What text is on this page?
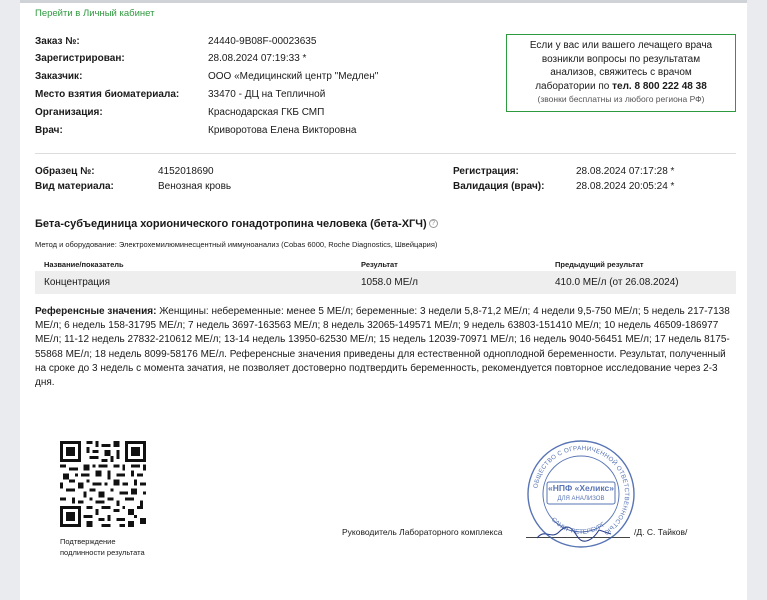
Перейти в Личный кабинет
Заказ №:	24440-9B08F-00023635
Зарегистрирован:	28.08.2024 07:19:33 *
Заказчик:	ООО «Медицинский центр "Медлен"
Место взятия биоматериала:	33470 - ДЦ на Тепличной
Организация:	Краснодарская ГКБ СМП
Врач:	Криворотова Елена Викторовна
Если у вас или вашего лечащего врача
возникли вопросы по результатам
анализов, свяжитесь с врачом
лаборатории по тел. 8 800 222 48 38
(звонки бесплатны из любого региона РФ)
Образец №:	4152018690
Вид материала:	Венозная кровь
Регистрация:	28.08.2024 07:17:28 *
Валидация (врач):	28.08.2024 20:05:24 *
Бета-субъединица хорионического гонадотропина человека (бета-ХГЧ) ?
Метод и оборудование: Электрохемилюминесцентный иммуноанализ (Cobas 6000, Roche Diagnostics, Швейцария)
Название/показатель	Результат	Предыдущий результат
Концентрация	1058.0 МЕ/л	410.0 МЕ/л (от 26.08.2024)
Референсные значения: Женщины: небеременные: менее 5 МЕ/л; беременные: 3 недели 5,8-71,2 МЕ/л; 4 недели 9,5-750 МЕ/л; 5 недель 217-7138 МЕ/л; 6 недель 158-31795 МЕ/л; 7 недель 3697-163563 МЕ/л; 8 недель 32065-149571 МЕ/л; 9 недель 63803-151410 МЕ/л; 10 недель 46509-186977 МЕ/л; 11-12 недель 27832-210612 МЕ/л; 13-14 недель 13950-62530 МЕ/л; 15 недель 12039-70971 МЕ/л; 16 недель 9040-56451 МЕ/л; 17 недель 8175-55868 МЕ/л; 18 недель 8099-58176 МЕ/л. Референсные значения приведены для естественной одноплодной беременности. Результат, полученный на сроке до 3 недель с момента зачатия, не позволяет достоверно подтвердить беременность, рекомендуется повторное исследование через 2-3 дня.
Подтверждение
подлинности результата
Руководитель Лабораторного комплекса	/Д. С. Тайков/
ОБЩЕСТВО С ОГРАНИЧЕННОЙ ОТВЕТСТВЕННОСТЬЮ
«НПФ «Хеликс»
ДЛЯ АНАЛИЗОВ
САНКТ-ПЕТЕРБУРГ
